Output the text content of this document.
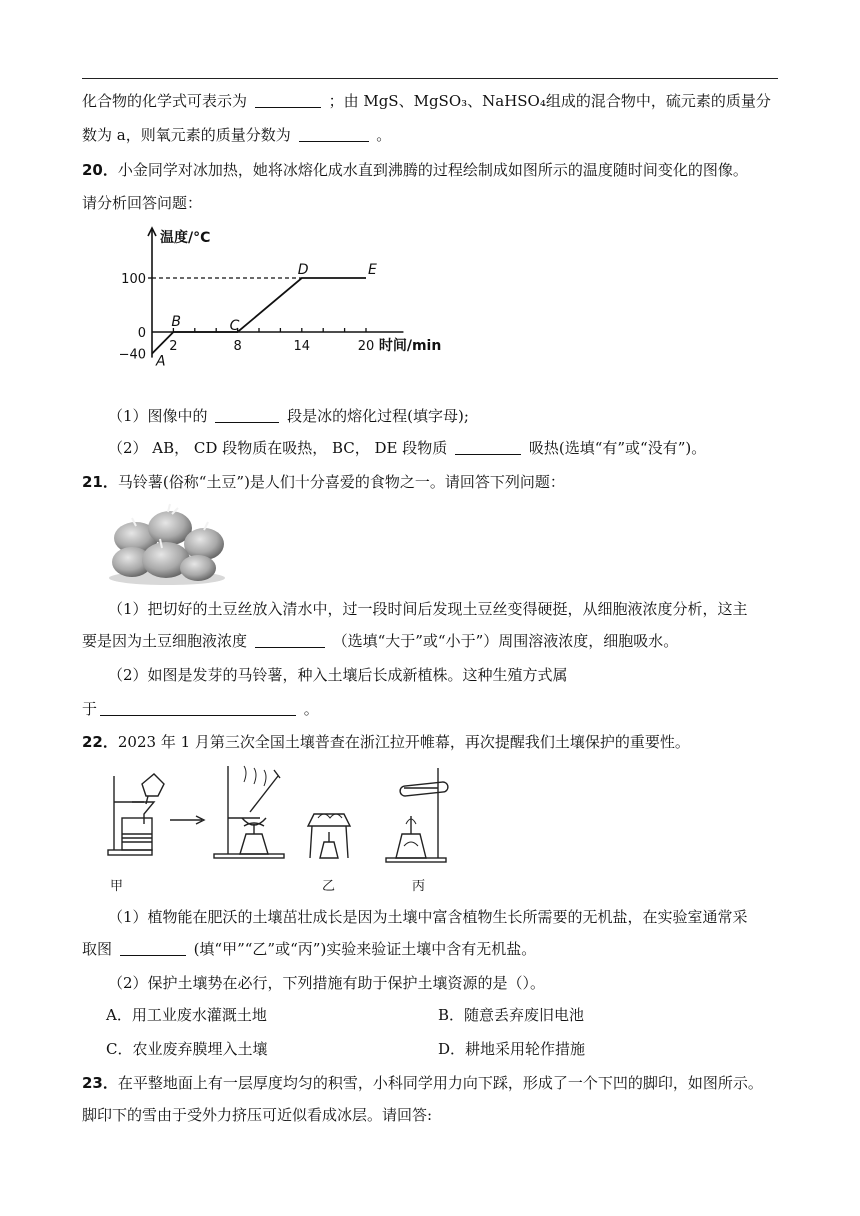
化合物的化学式可表示为	；由 MgS、MgSO₃、NaHSO₄组成的混合物中，硫元素的质量分
数为 a，则氧元素的质量分数为	。
20．小金同学对冰加热，她将冰熔化成水直到沸腾的过程绘制成如图所示的温度随时间变化的图像。
请分析回答问题：
A
B	C
D	E
100
0
−40
2	8	14	20
温度/°C
时间/min
（1）图像中的	段是冰的熔化过程(填字母);
（2） AB， CD 段物质在吸热， BC， DE 段物质	吸热(选填“有”或“没有”)。
21．马铃薯(俗称“土豆”)是人们十分喜爱的食物之一。请回答下列问题：
（1）把切好的土豆丝放入清水中，过一段时间后发现土豆丝变得硬挺，从细胞液浓度分析，这主
要是因为土豆细胞液浓度	（选填“大于”或“小于”）周围溶液浓度，细胞吸水。
（2）如图是发芽的马铃薯，种入土壤后长成新植株。这种生殖方式属
于	。
22．2023 年 1 月第三次全国土壤普查在浙江拉开帷幕，再次提醒我们土壤保护的重要性。
甲	乙	丙
（1）植物能在肥沃的土壤茁壮成长是因为土壤中富含植物生长所需要的无机盐，在实验室通常采
取图	(填“甲”“乙”或“丙”)实验来验证土壤中含有无机盐。
（2）保护土壤势在必行，下列措施有助于保护土壤资源的是（）。
A．用工业废水灌溉土地	B．随意丢弃废旧电池
C．农业废弃膜埋入土壤	D．耕地采用轮作措施
23．在平整地面上有一层厚度均匀的积雪，小科同学用力向下踩，形成了一个下凹的脚印，如图所示。
脚印下的雪由于受外力挤压可近似看成冰层。请回答:
